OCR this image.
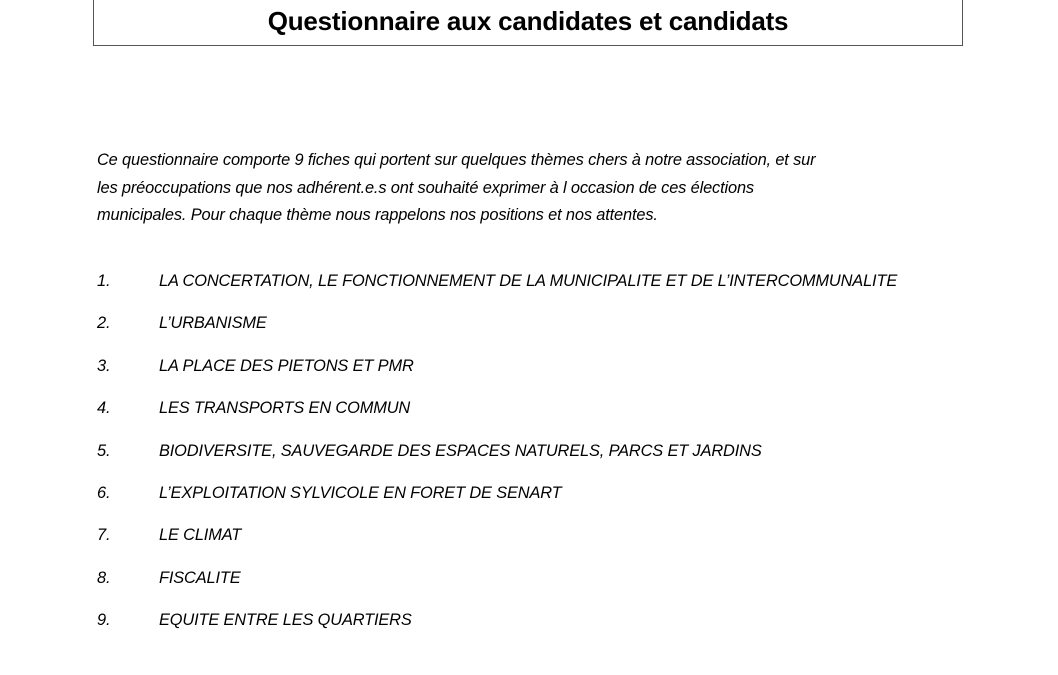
Questionnaire aux candidates et candidats

Ce questionnaire comporte 9 fiches qui portent sur quelques thèmes chers à notre association, et sur
les préoccupations que nos adhérent.e.s ont souhaité exprimer à l occasion de ces élections
municipales. Pour chaque thème nous rappelons nos positions et nos attentes.

1.	LA CONCERTATION, LE FONCTIONNEMENT DE LA MUNICIPALITE ET DE L’INTERCOMMUNALITE
2.	L’URBANISME
3.	LA PLACE DES PIETONS ET PMR
4.	LES TRANSPORTS EN COMMUN
5.	BIODIVERSITE, SAUVEGARDE DES ESPACES NATURELS, PARCS ET JARDINS
6.	L’EXPLOITATION SYLVICOLE EN FORET DE SENART
7.	LE CLIMAT
8.	FISCALITE
9.	EQUITE ENTRE LES QUARTIERS
